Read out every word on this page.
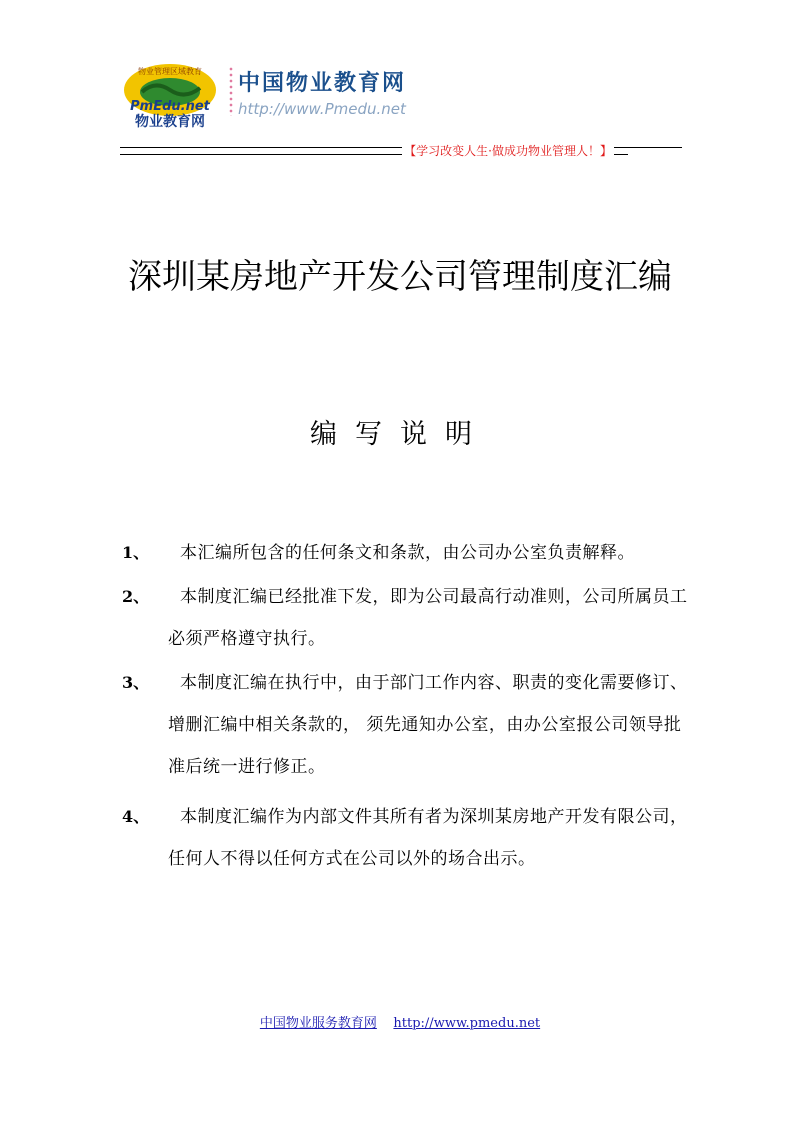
物业管理区域教育
PmEdu.net
物业教育网
中国物业教育网
http://www.Pmedu.net
【学习改变人生·做成功物业管理人！】
深圳某房地产开发公司管理制度汇编
编写说明
1、	本汇编所包含的任何条文和条款，由公司办公室负责解释。
2、	本制度汇编已经批准下发，即为公司最高行动准则，公司所属员工必须严格遵守执行。
3、	本制度汇编在执行中，由于部门工作内容、职责的变化需要修订、增删汇编中相关条款的， 须先通知办公室，由办公室报公司领导批准后统一进行修正。
4、	本制度汇编作为内部文件其所有者为深圳某房地产开发有限公司，任何人不得以任何方式在公司以外的场合出示。
中国物业服务教育网 http://www.pmedu.net
